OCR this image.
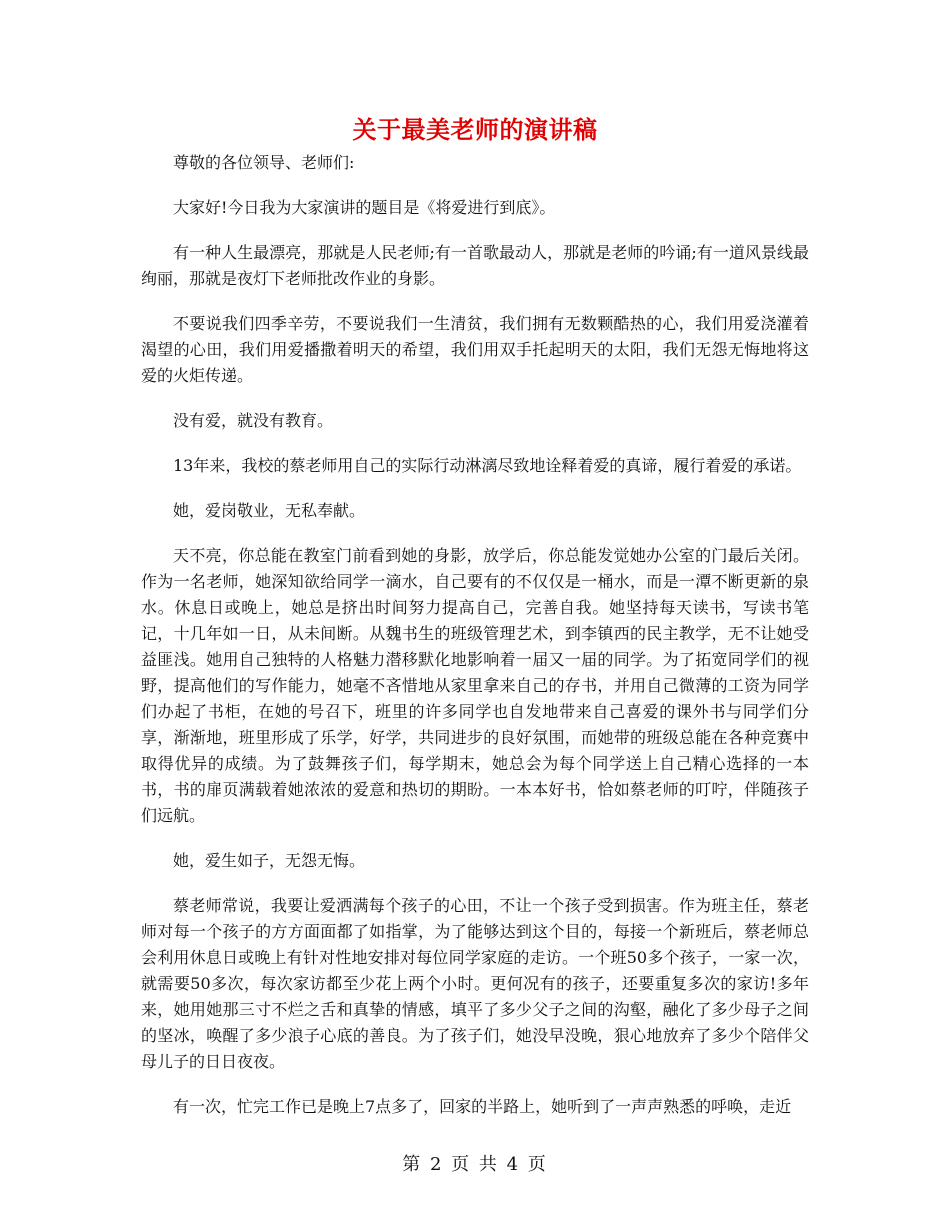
关于最美老师的演讲稿

尊敬的各位领导、老师们:

大家好!今日我为大家演讲的题目是《将爱进行到底》。

有一种人生最漂亮，那就是人民老师;有一首歌最动人，那就是老师的吟诵;有一道风景线最绚丽，那就是夜灯下老师批改作业的身影。

不要说我们四季辛劳，不要说我们一生清贫，我们拥有无数颗酷热的心，我们用爱浇灌着渴望的心田，我们用爱播撒着明天的希望，我们用双手托起明天的太阳，我们无怨无悔地将这爱的火炬传递。

没有爱，就没有教育。

13年来，我校的蔡老师用自己的实际行动淋漓尽致地诠释着爱的真谛，履行着爱的承诺。

她，爱岗敬业，无私奉献。

天不亮，你总能在教室门前看到她的身影，放学后，你总能发觉她办公室的门最后关闭。作为一名老师，她深知欲给同学一滴水，自己要有的不仅仅是一桶水，而是一潭不断更新的泉水。休息日或晚上，她总是挤出时间努力提高自己，完善自我。她坚持每天读书，写读书笔记，十几年如一日，从未间断。从魏书生的班级管理艺术，到李镇西的民主教学，无不让她受益匪浅。她用自己独特的人格魅力潜移默化地影响着一届又一届的同学。为了拓宽同学们的视野，提高他们的写作能力，她毫不吝惜地从家里拿来自己的存书，并用自己微薄的工资为同学们办起了书柜，在她的号召下，班里的许多同学也自发地带来自己喜爱的课外书与同学们分享，渐渐地，班里形成了乐学，好学，共同进步的良好氛围，而她带的班级总能在各种竞赛中取得优异的成绩。为了鼓舞孩子们，每学期末，她总会为每个同学送上自己精心选择的一本书，书的扉页满载着她浓浓的爱意和热切的期盼。一本本好书，恰如蔡老师的叮咛，伴随孩子们远航。

她，爱生如子，无怨无悔。

蔡老师常说，我要让爱洒满每个孩子的心田，不让一个孩子受到损害。作为班主任，蔡老师对每一个孩子的方方面面都了如指掌，为了能够达到这个目的，每接一个新班后，蔡老师总会利用休息日或晚上有针对性地安排对每位同学家庭的走访。一个班50多个孩子，一家一次，就需要50多次，每次家访都至少花上两个小时。更何况有的孩子，还要重复多次的家访!多年来，她用她那三寸不烂之舌和真挚的情感，填平了多少父子之间的沟壑，融化了多少母子之间的坚冰，唤醒了多少浪子心底的善良。为了孩子们，她没早没晚，狠心地放弃了多少个陪伴父母儿子的日日夜夜。

有一次，忙完工作已是晚上7点多了，回家的半路上，她听到了一声声熟悉的呼唤，走近

第 2 页 共 4 页
